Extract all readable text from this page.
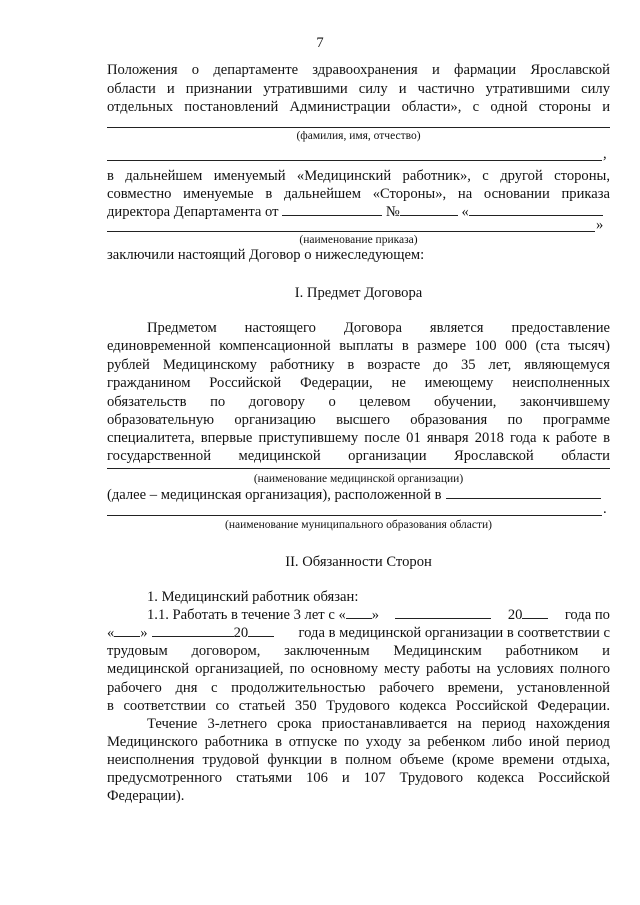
7
Положения о департаменте здравоохранения и фармации Ярославской
области и признании утратившими силу и частично утратившими силу
отдельных постановлений Администрации области», с одной стороны и
(фамилия, имя, отчество)
,
в дальнейшем именуемый «Медицинский работник», с другой стороны,
совместно именуемые в дальнейшем «Стороны», на основании приказа
директора Департамента от	№	«
»
(наименование приказа)
заключили настоящий Договор о нижеследующем:
I. Предмет Договора
Предметом настоящего Договора является предоставление
единовременной компенсационной выплаты в размере 100 000 (ста тысяч)
рублей Медицинскому работнику в возрасте до 35 лет, являющемуся
гражданином Российской Федерации, не имеющему неисполненных
обязательств по договору о целевом обучении, закончившему
образовательную организацию высшего образования по программе
специалитета, впервые приступившему после 01 января 2018 года к работе в
государственной медицинской организации Ярославской области
(наименование медицинской организации)
(далее – медицинская организация), расположенной в
.
(наименование муниципального образования области)
II. Обязанности Сторон
1. Медицинский работник обязан:
1.1. Работать в течение 3 лет с « »	20	года по
« »	20	года в медицинской организации в соответствии с
трудовым договором, заключенным Медицинским работником и
медицинской организацией, по основному месту работы на условиях полного
рабочего дня с продолжительностью рабочего времени, установленной
в соответствии со статьей 350 Трудового кодекса Российской Федерации.
Течение 3-летнего срока приостанавливается на период нахождения
Медицинского работника в отпуске по уходу за ребенком либо иной период
неисполнения трудовой функции в полном объеме (кроме времени отдыха,
предусмотренного статьями 106 и 107 Трудового кодекса Российской
Федерации).
